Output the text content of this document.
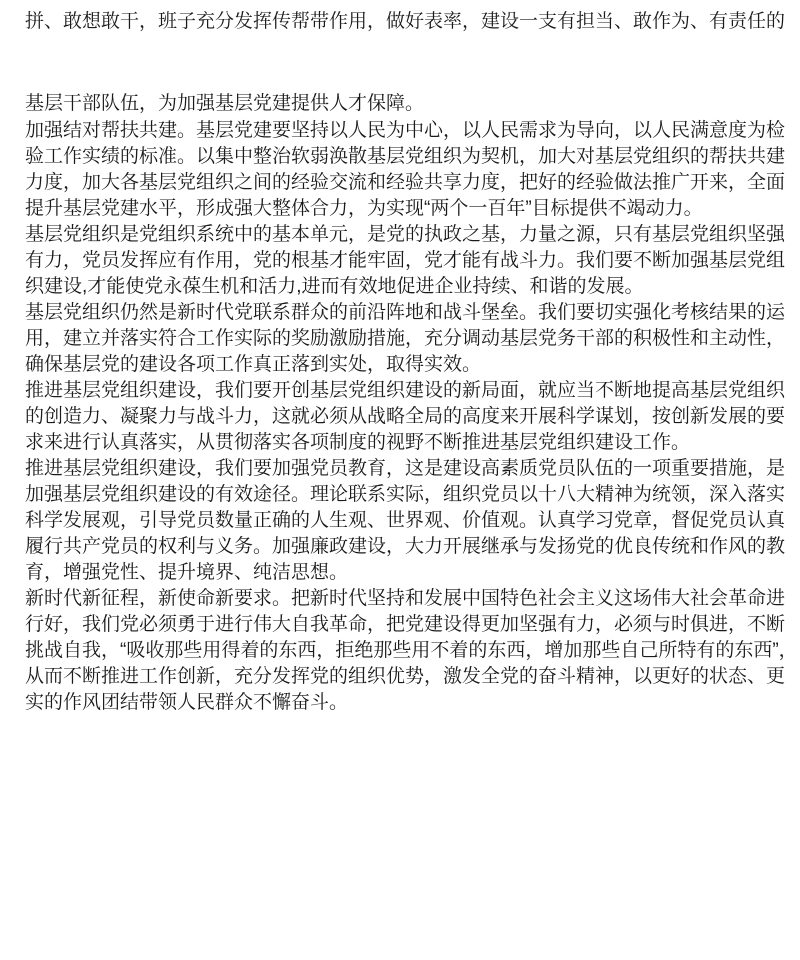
拼、敢想敢干，班子充分发挥传帮带作用，做好表率，建设一支有担当、敢作为、有责任的
基层干部队伍，为加强基层党建提供人才保障。
加强结对帮扶共建。基层党建要坚持以人民为中心，以人民需求为导向，以人民满意度为检
验工作实绩的标准。以集中整治软弱涣散基层党组织为契机，加大对基层党组织的帮扶共建
力度，加大各基层党组织之间的经验交流和经验共享力度，把好的经验做法推广开来，全面
提升基层党建水平，形成强大整体合力，为实现“两个一百年”目标提供不竭动力。
基层党组织是党组织系统中的基本单元，是党的执政之基，力量之源，只有基层党组织坚强
有力，党员发挥应有作用，党的根基才能牢固，党才能有战斗力。我们要不断加强基层党组
织建设,才能使党永葆生机和活力,进而有效地促进企业持续、和谐的发展。
基层党组织仍然是新时代党联系群众的前沿阵地和战斗堡垒。我们要切实强化考核结果的运
用，建立并落实符合工作实际的奖励激励措施，充分调动基层党务干部的积极性和主动性，
确保基层党的建设各项工作真正落到实处，取得实效。
推进基层党组织建设，我们要开创基层党组织建设的新局面，就应当不断地提高基层党组织
的创造力、凝聚力与战斗力，这就必须从战略全局的高度来开展科学谋划，按创新发展的要
求来进行认真落实，从贯彻落实各项制度的视野不断推进基层党组织建设工作。
推进基层党组织建设，我们要加强党员教育，这是建设高素质党员队伍的一项重要措施，是
加强基层党组织建设的有效途径。理论联系实际，组织党员以十八大精神为统领，深入落实
科学发展观，引导党员数量正确的人生观、世界观、价值观。认真学习党章，督促党员认真
履行共产党员的权利与义务。加强廉政建设，大力开展继承与发扬党的优良传统和作风的教
育，增强党性、提升境界、纯洁思想。
新时代新征程，新使命新要求。把新时代坚持和发展中国特色社会主义这场伟大社会革命进
行好，我们党必须勇于进行伟大自我革命，把党建设得更加坚强有力，必须与时俱进，不断
挑战自我，“吸收那些用得着的东西，拒绝那些用不着的东西，增加那些自己所特有的东西”，
从而不断推进工作创新，充分发挥党的组织优势，激发全党的奋斗精神，以更好的状态、更
实的作风团结带领人民群众不懈奋斗。
